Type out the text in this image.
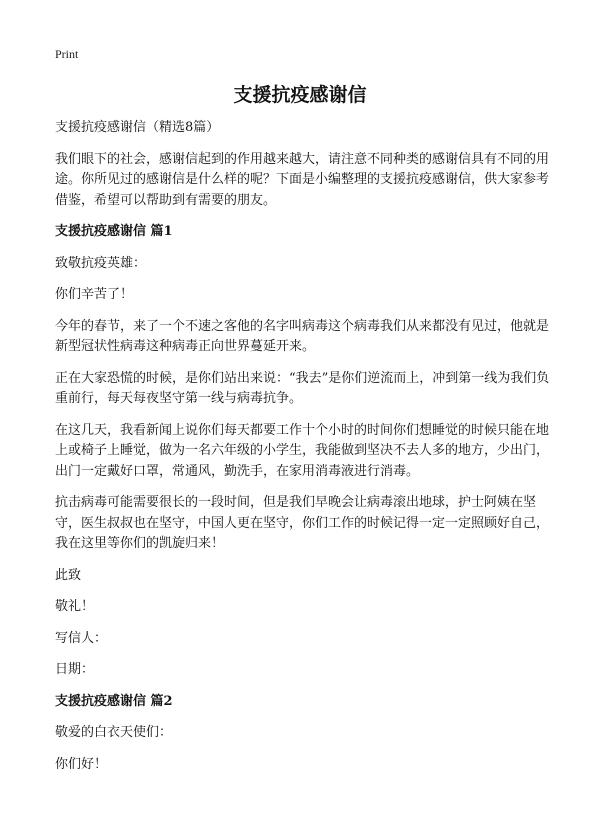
Print
支援抗疫感谢信

支援抗疫感谢信（精选8篇）

我们眼下的社会，感谢信起到的作用越来越大，请注意不同种类的感谢信具有不同的用途。你所见过的感谢信是什么样的呢？下面是小编整理的支援抗疫感谢信，供大家参考借鉴，希望可以帮助到有需要的朋友。

支援抗疫感谢信 篇1

致敬抗疫英雄：

你们辛苦了！

今年的春节，来了一个不速之客他的名字叫病毒这个病毒我们从来都没有见过，他就是新型冠状性病毒这种病毒正向世界蔓延开来。

正在大家恐慌的时候，是你们站出来说：“我去”是你们逆流而上，冲到第一线为我们负重前行，每天每夜坚守第一线与病毒抗争。

在这几天，我看新闻上说你们每天都要工作十个小时的时间你们想睡觉的时候只能在地上或椅子上睡觉，做为一名六年级的小学生，我能做到坚决不去人多的地方，少出门，出门一定戴好口罩，常通风，勤洗手，在家用消毒液进行消毒。

抗击病毒可能需要很长的一段时间，但是我们早晚会让病毒滚出地球，护士阿姨在坚守，医生叔叔也在坚守，中国人更在坚守，你们工作的时候记得一定一定照顾好自己，我在这里等你们的凯旋归来！

此致

敬礼！

写信人：

日期：

支援抗疫感谢信 篇2

敬爱的白衣天使们：

你们好！
